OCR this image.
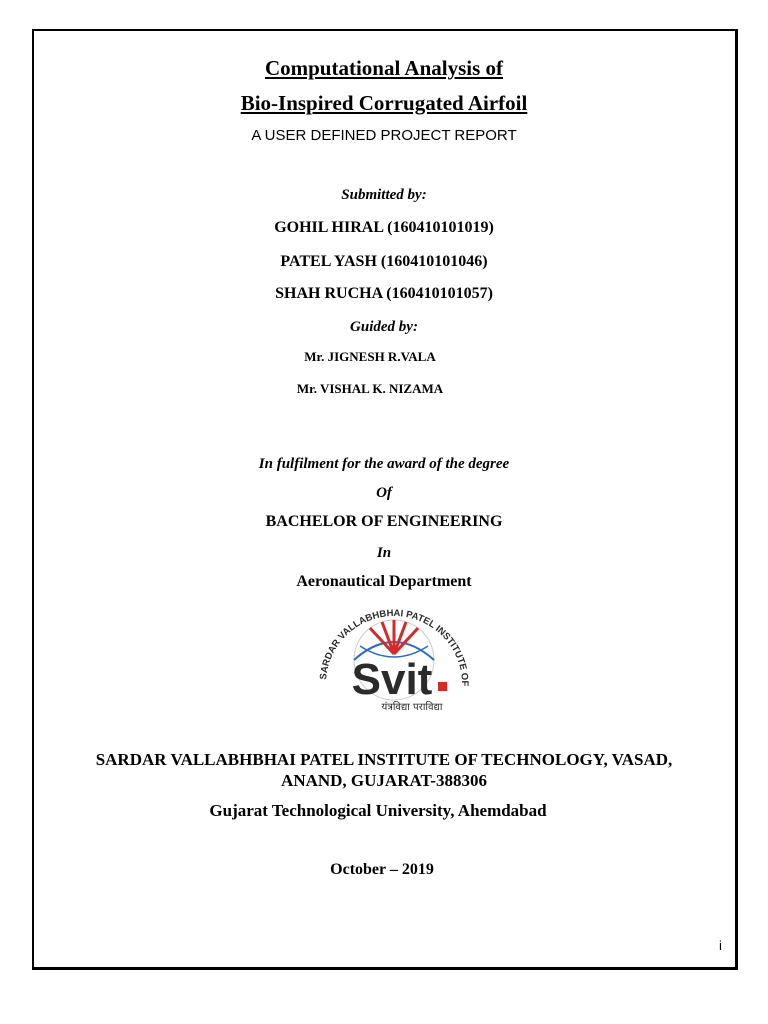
Computational Analysis of
Bio-Inspired Corrugated Airfoil
A USER DEFINED PROJECT REPORT
Submitted by:
GOHIL HIRAL (160410101019)
PATEL YASH (160410101046)
SHAH RUCHA (160410101057)
Guided by:
Mr. JIGNESH R.VALA
Mr. VISHAL K. NIZAMA
In fulfilment for the award of the degree
Of
BACHELOR OF ENGINEERING
In
Aeronautical Department
SARDAR VALLABHBHAI PATEL INSTITUTE OF
Svit
यंत्रविद्या पराविद्या
SARDAR VALLABHBHAI PATEL INSTITUTE OF TECHNOLOGY, VASAD,
ANAND, GUJARAT-388306
Gujarat Technological University, Ahemdabad
October – 2019
i
